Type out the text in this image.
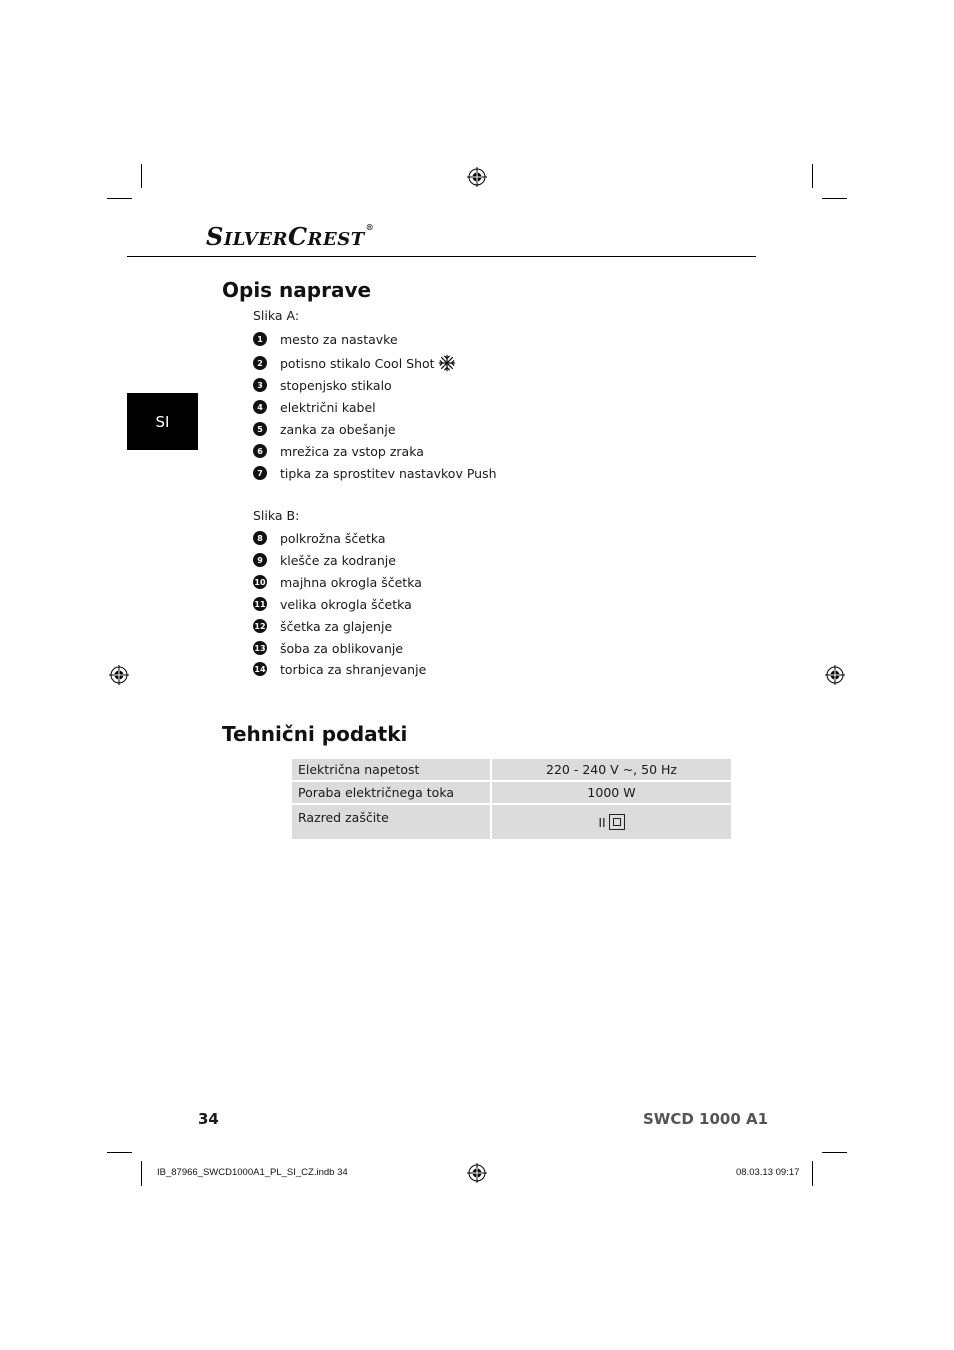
SILVERCREST®
SI
Opis naprave
Slika A:
1	mesto za nastavke
2	potisno stikalo Cool Shot
3	stopenjsko stikalo
4	električni kabel
5	zanka za obešanje
6	mrežica za vstop zraka
7	tipka za sprostitev nastavkov Push
Slika B:
8	polkrožna ščetka
9	klešče za kodranje
10 majhna okrogla ščetka
11 velika okrogla ščetka
12 ščetka za glajenje
13 šoba za oblikovanje
14 torbica za shranjevanje
Tehnični podatki
Električna napetost	220 - 240 V ~, 50 Hz
Poraba električnega toka	1000 W
Razred zaščite	II
34	SWCD 1000 A1
IB_87966_SWCD1000A1_PL_SI_CZ.indb 34	08.03.13 09:17
